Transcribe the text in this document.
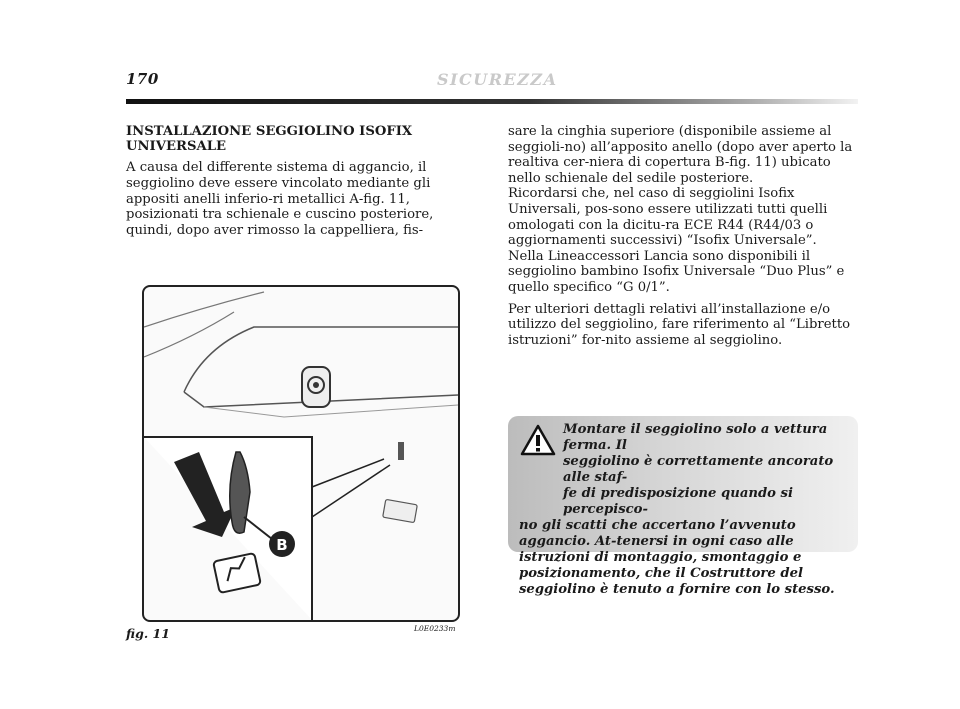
170	SICUREZZA
INSTALLAZIONE SEGGIOLINO ISOFIX
UNIVERSALE

A causa del differente sistema di aggancio, il seggiolino deve essere vincolato mediante gli appositi anelli inferio-ri metallici A-fig. 11, posizionati tra schienale e cuscino posteriore, quindi, dopo aver rimosso la cappelliera, fis-

B
fig. 11	L0E0233m

sare la cinghia superiore (disponibile assieme al seggioli-no) all’apposito anello (dopo aver aperto la realtiva cer-niera di copertura B-fig. 11) ubicato nello schienale del sedile posteriore.

Ricordarsi che, nel caso di seggiolini Isofix Universali, pos-sono essere utilizzati tutti quelli omologati con la dicitu-ra ECE R44 (R44/03 o aggiornamenti successivi) “Isofix Universale”.

Nella Lineaccessori Lancia sono disponibili il seggiolino bambino Isofix Universale “Duo Plus” e quello specifico “G 0/1”.

Per ulteriori dettagli relativi all’installazione e/o utilizzo del seggiolino, fare riferimento al “Libretto istruzioni” for-nito assieme al seggiolino.

Montare il seggiolino solo a vettura ferma. Il
seggiolino è correttamente ancorato alle staf-
fe di predisposizione quando si percepisco-
no gli scatti che accertano l’avvenuto aggancio. At-tenersi in ogni caso alle istruzioni di montaggio, smontaggio e posizionamento, che il Costruttore del seggiolino è tenuto a fornire con lo stesso.
